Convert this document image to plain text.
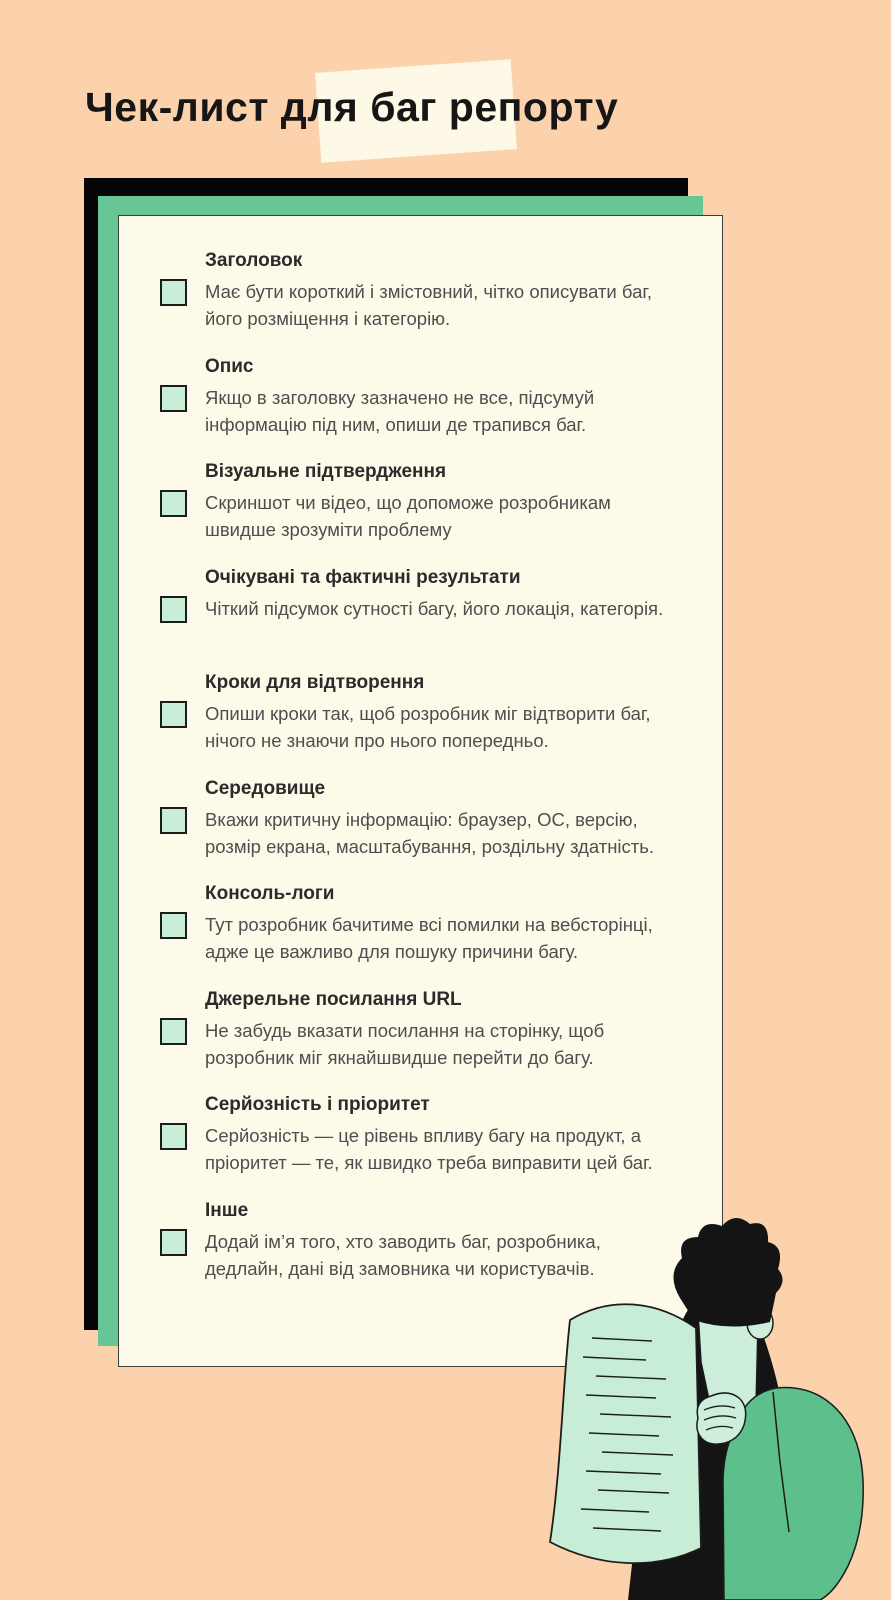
Чек-лист для баг репорту

Заголовок

Має бути короткий і змістовний, чітко описувати баг, його розміщення і категорію.

Опис

Якщо в заголовку зазначено не все, підсумуй інформацію під ним, опиши де трапився баг.

Візуальне підтвердження

Скриншот чи відео, що допоможе розробникам швидше зрозуміти проблему

Очікувані та фактичні результати

Чіткий підсумок сутності багу, його локація, категорія.

Кроки для відтворення

Опиши кроки так, щоб розробник міг відтворити баг, нічого не знаючи про нього попередньо.

Середовище

Вкажи критичну інформацію: браузер, ОС, версію, розмір екрана, масштабування, роздільну здатність.

Консоль-логи

Тут розробник бачитиме всі помилки на вебсторінці, адже це важливо для пошуку причини багу.

Джерельне посилання URL

Не забудь вказати посилання на сторінку, щоб розробник міг якнайшвидше перейти до багу.

Серйозність і пріоритет

Серйозність — це рівень впливу багу на продукт, а пріоритет — те, як швидко треба виправити цей баг.

Інше

Додай ім’я того, хто заводить баг, розробника, дедлайн, дані від замовника чи користувачів.
